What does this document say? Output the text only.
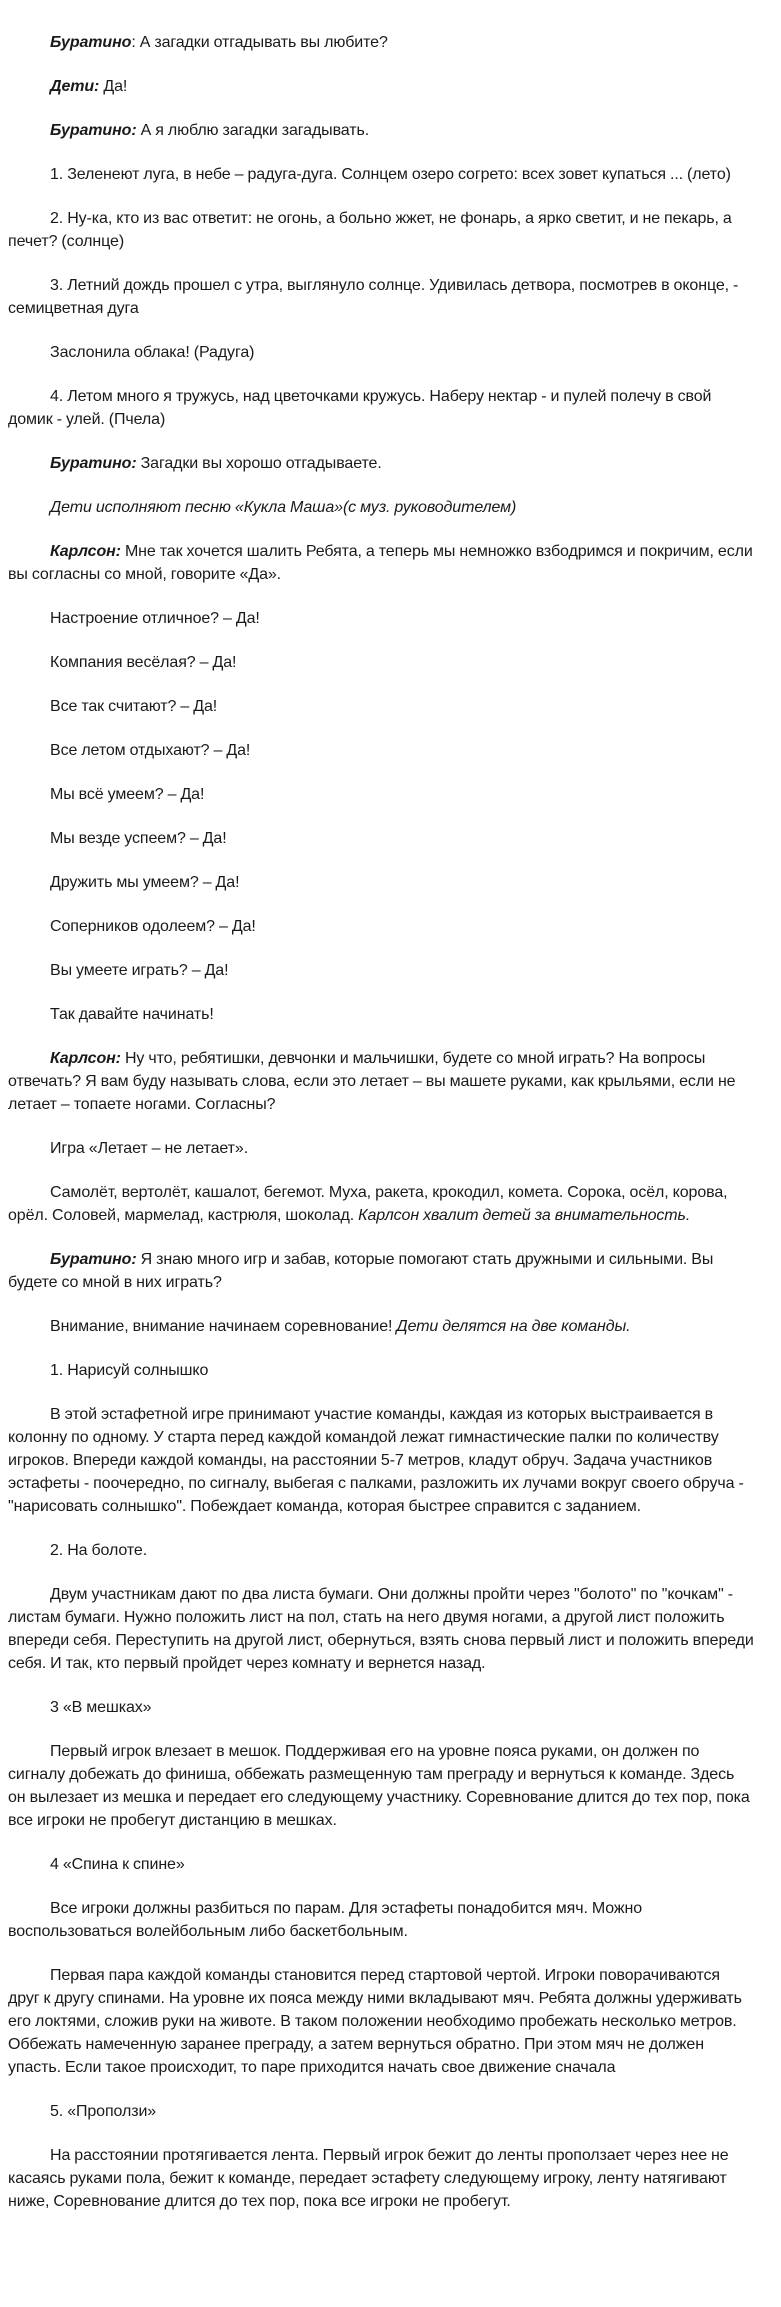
Буратино: А загадки отгадывать вы любите?

Дети: Да!

Буратино: А я люблю загадки загадывать.

1. Зеленеют луга, в небе – радуга-дуга. Солнцем озеро согрето: всех зовет купаться ... (лето)

2. Ну-ка, кто из вас ответит: не огонь, а больно жжет, не фонарь, а ярко светит, и не пекарь, а печет? (солнце)

3. Летний дождь прошел с утра, выглянуло солнце. Удивилась детвора, посмотрев в оконце, - семицветная дуга

Заслонила облака! (Радуга)

4. Летом много я тружусь, над цветочками кружусь. Наберу нектар - и пулей полечу в свой домик - улей. (Пчела)

Буратино: Загадки вы хорошо отгадываете.

Дети исполняют песню «Кукла Маша»(с муз. руководителем)

Карлсон: Мне так хочется шалить Ребята, а теперь мы немножко взбодримся и покричим, если вы согласны со мной, говорите «Да».

Настроение отличное? – Да!

Компания весёлая? – Да!

Все так считают? – Да!

Все летом отдыхают? – Да!

Мы всё умеем? – Да!

Мы везде успеем? – Да!

Дружить мы умеем? – Да!

Соперников одолеем? – Да!

Вы умеете играть? – Да!

Так давайте начинать!

Карлсон: Ну что, ребятишки, девчонки и мальчишки, будете со мной играть? На вопросы отвечать? Я вам буду называть слова, если это летает – вы машете руками, как крыльями, если не летает – топаете ногами. Согласны?

Игра «Летает – не летает».

Самолёт, вертолёт, кашалот, бегемот. Муха, ракета, крокодил, комета. Сорока, осёл, корова, орёл. Соловей, мармелад, кастрюля, шоколад. Карлсон хвалит детей за внимательность.

Буратино: Я знаю много игр и забав, которые помогают стать дружными и сильными. Вы будете со мной в них играть?

Внимание, внимание начинаем соревнование! Дети делятся на две команды.

1. Нарисуй солнышко

В этой эстафетной игре принимают участие команды, каждая из которых выстраивается в колонну по одному. У старта перед каждой командой лежат гимнастические палки по количеству игроков. Впереди каждой команды, на расстоянии 5-7 метров, кладут обруч. Задача участников эстафеты - поочередно, по сигналу, выбегая с палками, разложить их лучами вокруг своего обруча - "нарисовать солнышко". Побеждает команда, которая быстрее справится с заданием.

2. На болоте.

Двум участникам дают по два листа бумаги. Они должны пройти через "болото" по "кочкам" - листам бумаги. Нужно положить лист на пол, стать на него двумя ногами, а другой лист положить впереди себя. Переступить на другой лист, обернуться, взять снова первый лист и положить впереди себя. И так, кто первый пройдет через комнату и вернется назад.

3 «В мешках»

Первый игрок влезает в мешок. Поддерживая его на уровне пояса руками, он должен по сигналу добежать до финиша, оббежать размещенную там преграду и вернуться к команде. Здесь он вылезает из мешка и передает его следующему участнику. Соревнование длится до тех пор, пока все игроки не пробегут дистанцию в мешках.

4 «Спина к спине»

Все игроки должны разбиться по парам. Для эстафеты понадобится мяч. Можно воспользоваться волейбольным либо баскетбольным.

Первая пара каждой команды становится перед стартовой чертой. Игроки поворачиваются друг к другу спинами. На уровне их пояса между ними вкладывают мяч. Ребята должны удерживать его локтями, сложив руки на животе. В таком положении необходимо пробежать несколько метров. Оббежать намеченную заранее преграду, а затем вернуться обратно. При этом мяч не должен упасть. Если такое происходит, то паре приходится начать свое движение сначала

5. «Проползи»

На расстоянии протягивается лента. Первый игрок бежит до ленты проползает через нее не касаясь руками пола, бежит к команде, передает эстафету следующему игроку, ленту натягивают ниже, Соревнование длится до тех пор, пока все игроки не пробегут.
